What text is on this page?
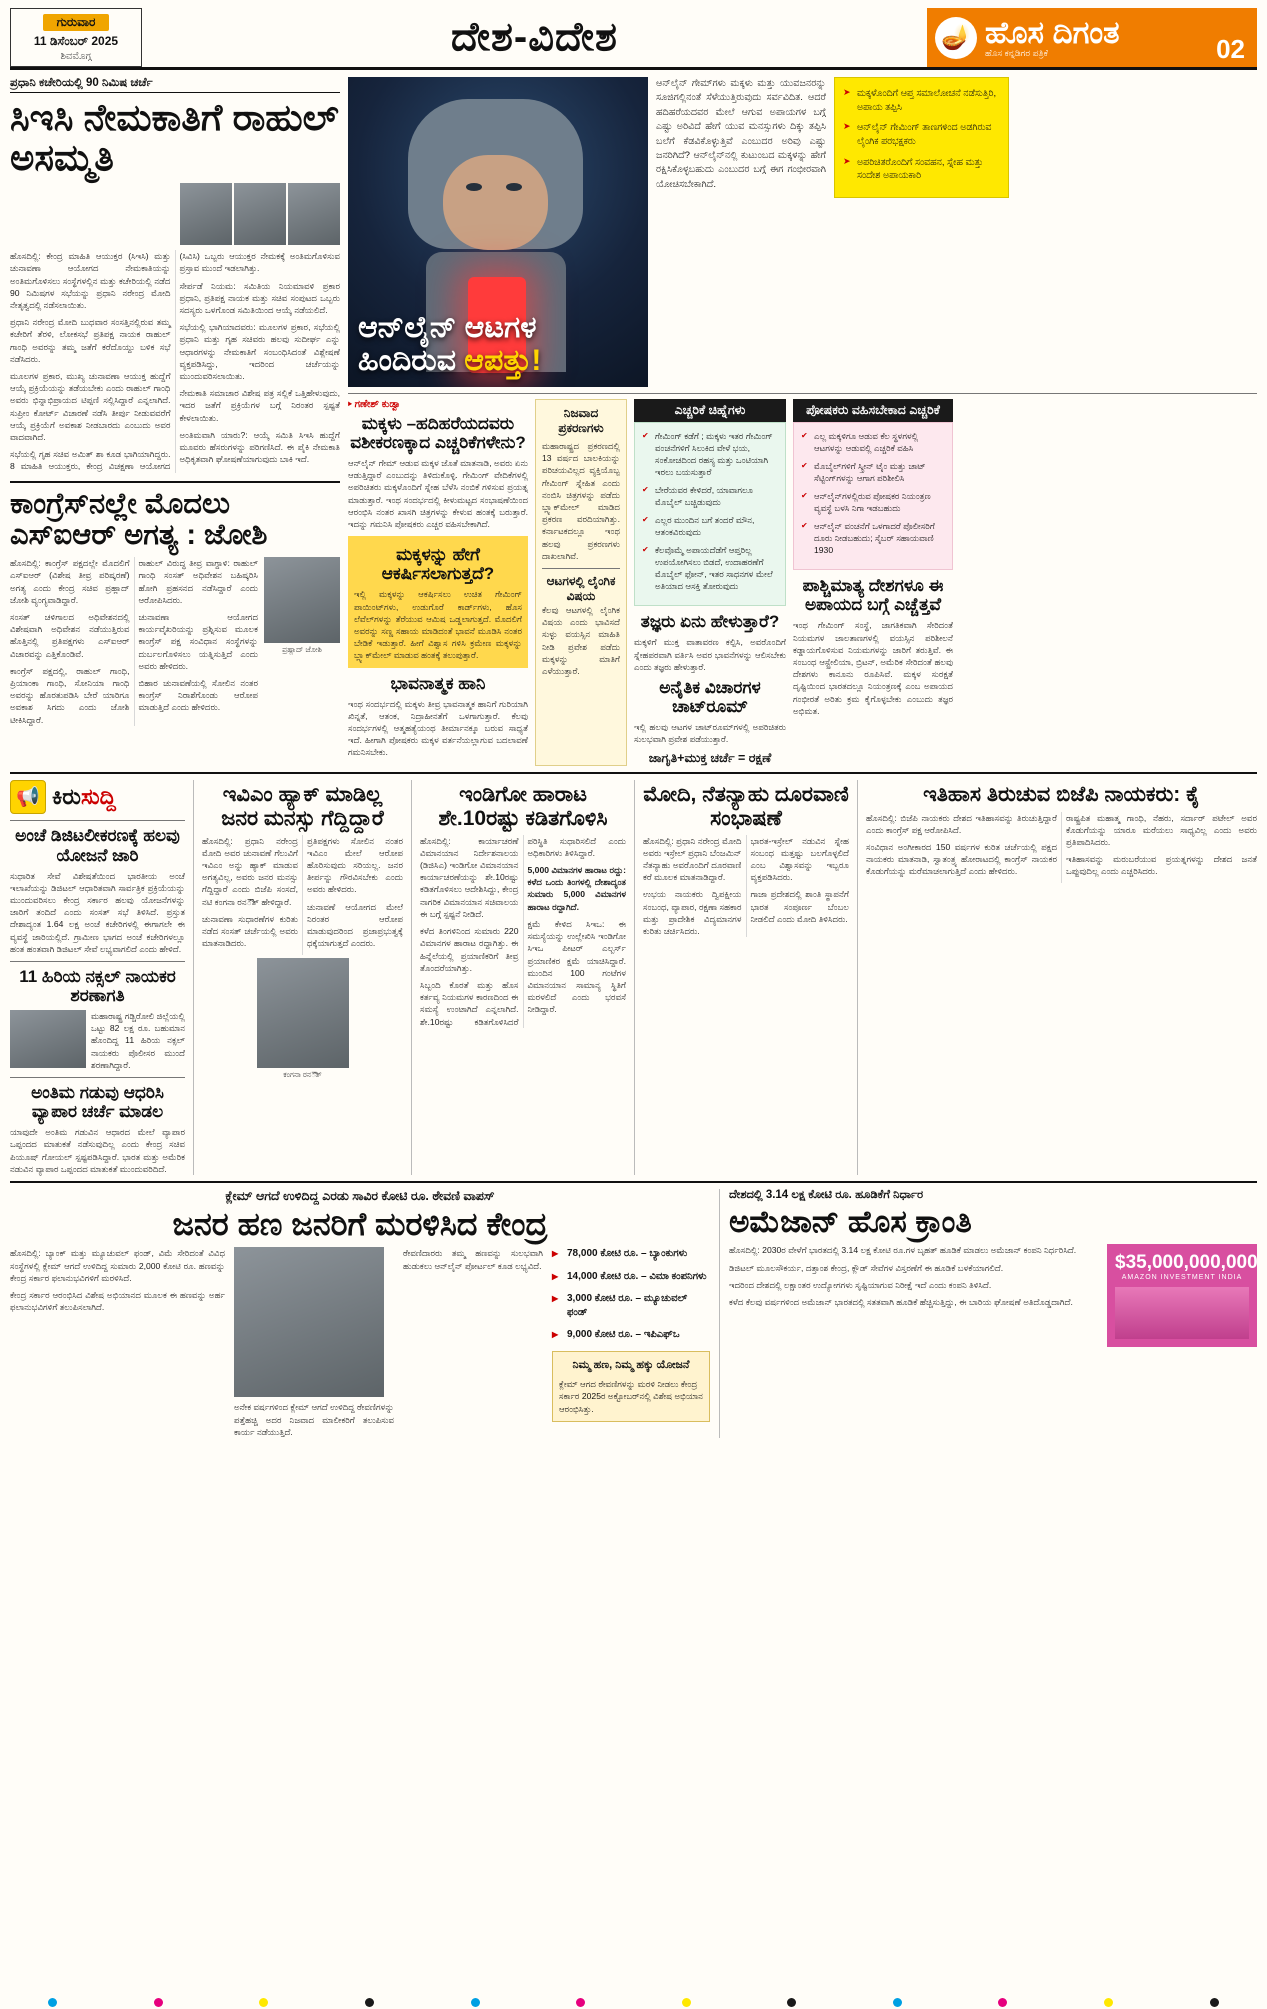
ಗುರುವಾರ
11 ಡಿಸೆಂಬರ್ 2025
ಶಿವಮೊಗ್ಗ	ದೇಶ-ವಿದೇಶ	🪔 ಹೊಸ ದಿಗಂತ
ಹೊಸ ಕನ್ನಡಿಗರ ಪತ್ರಿಕೆ	02
ಪ್ರಧಾನಿ ಕಚೇರಿಯಲ್ಲಿ 90 ನಿಮಿಷ ಚರ್ಚೆ
ಸಿಇಸಿ ನೇಮಕಾತಿಗೆ ರಾಹುಲ್ ಅಸಮ್ಮತಿ

ಹೊಸದಿಲ್ಲಿ: ಕೇಂದ್ರ ಮಾಹಿತಿ ಆಯುಕ್ತರ (ಸಿಇಸಿ) ಮತ್ತು ಚುನಾವಣಾ ಆಯೋಗದ ನೇಮಕಾತಿಯನ್ನು ಅಂತಿಮಗೊಳಿಸಲು ಸಂಸ್ಥೆಗಳಲ್ಲಿನ ಮತ್ತು ಕಚೇರಿಯಲ್ಲಿ ನಡೆದ 90 ನಿಮಿಷಗಳ ಸಭೆಯನ್ನು ಪ್ರಧಾನಿ ನರೇಂದ್ರ ಮೋದಿ ನೇತೃತ್ವದಲ್ಲಿ ನಡೆಸಲಾಯಿತು.

ಪ್ರಧಾನಿ ನರೇಂದ್ರ ಮೋದಿ ಬುಧವಾರ ಸಂಸತ್ತಿನಲ್ಲಿರುವ ತಮ್ಮ ಕಚೇರಿಗೆ ತೆರಳಿ, ಲೋಕಸಭೆ ಪ್ರತಿಪಕ್ಷ ನಾಯಕ ರಾಹುಲ್ ಗಾಂಧಿ ಅವರನ್ನು ತಮ್ಮ ಜತೆಗೆ ಕರೆದೊಯ್ದು ಬಳಿಕ ಸಭೆ ನಡೆಸಿದರು.

ಮೂಲಗಳ ಪ್ರಕಾರ, ಮುಖ್ಯ ಚುನಾವಣಾ ಆಯುಕ್ತ ಹುದ್ದೆಗೆ ಆಯ್ಕೆ ಪ್ರಕ್ರಿಯೆಯನ್ನು ತಡೆಯಬೇಕು ಎಂದು ರಾಹುಲ್ ಗಾಂಧಿ ಅವರು ಭಿನ್ನಾಭಿಪ್ರಾಯದ ಟಿಪ್ಪಣಿ ಸಲ್ಲಿಸಿದ್ದಾರೆ ಎನ್ನಲಾಗಿದೆ. ಸುಪ್ರೀಂ ಕೋರ್ಟ್ ವಿಚಾರಣೆ ನಡೆಸಿ ತೀರ್ಪು ನೀಡುವವರೆಗೆ ಆಯ್ಕೆ ಪ್ರಕ್ರಿಯೆಗೆ ಅವಕಾಶ ನೀಡಬಾರದು ಎಂಬುದು ಅವರ ವಾದವಾಗಿದೆ.

ಸಭೆಯಲ್ಲಿ ಗೃಹ ಸಚಿವ ಅಮಿತ್ ಶಾ ಕೂಡ ಭಾಗಿಯಾಗಿದ್ದರು. 8 ಮಾಹಿತಿ ಆಯುಕ್ತರು, ಕೇಂದ್ರ ವಿಚಕ್ಷಣಾ ಆಯೋಗದ (ಸಿವಿಸಿ) ಒಬ್ಬರು ಆಯುಕ್ತರ ನೇಮಕಕ್ಕೆ ಅಂತಿಮಗೊಳಿಸುವ ಪ್ರಸ್ತಾವ ಮುಂದೆ ಇಡಲಾಗಿತ್ತು.

ಸೇರ್ಪಡೆ ನಿಯಮ: ಸಮಿತಿಯ ನಿಯಮಾವಳಿ ಪ್ರಕಾರ ಪ್ರಧಾನಿ, ಪ್ರತಿಪಕ್ಷ ನಾಯಕ ಮತ್ತು ಸಚಿವ ಸಂಪುಟದ ಒಬ್ಬರು ಸದಸ್ಯರು ಒಳಗೊಂಡ ಸಮಿತಿಯಿಂದ ಆಯ್ಕೆ ನಡೆಯಲಿದೆ.

ಸಭೆಯಲ್ಲಿ ಭಾಗಿಯಾದವರು: ಮೂಲಗಳ ಪ್ರಕಾರ, ಸಭೆಯಲ್ಲಿ ಪ್ರಧಾನಿ ಮತ್ತು ಗೃಹ ಸಚಿವರು ಹಲವು ಸುದೀರ್ಘ ಎನ್ನು ಆಧಾರಗಳನ್ನು ನೇಮಕಾತಿಗೆ ಸಂಬಂಧಿಸಿದಂತೆ ವಿಶ್ಲೇಷಣೆ ವ್ಯಕ್ತಪಡಿಸಿದ್ದು, ಇದರಿಂದ ಚರ್ಚೆಯನ್ನು ಮುಂದುವರಿಸಲಾಯಿತು.

ನೇಮಕಾತಿ ಸಮಾಚಾರ ವಿಶೇಷ ಪತ್ರ ಸಲ್ಲಿಕೆ ಒತ್ತಿಹೇಳುವುದು, ಇದರ ಜತೆಗೆ ಪ್ರಕ್ರಿಯೆಗಳ ಬಗ್ಗೆ ನಿರಂತರ ಸ್ಪಷ್ಟತೆ ಕೇಳಲಾಯಿತು.

ಅಂತಿಮವಾಗಿ ಯಾರು?: ಆಯ್ಕೆ ಸಮಿತಿ ಸಿಇಸಿ ಹುದ್ದೆಗೆ ಮೂವರು ಹೆಸರುಗಳನ್ನು ಪರಿಗಣಿಸಿದೆ. ಈ ಪೈಕಿ ನೇಮಕಾತಿ ಅಧಿಕೃತವಾಗಿ ಘೋಷಣೆಯಾಗುವುದು ಬಾಕಿ ಇದೆ.

ಕಾಂಗ್ರೆಸ್‌ನಲ್ಲೇ ಮೊದಲು ಎಸ್‌ಐಆರ್ ಅಗತ್ಯ : ಜೋಶಿ
ಪ್ರಹ್ಲಾದ್ ಜೋಶಿ

ಹೊಸದಿಲ್ಲಿ: ಕಾಂಗ್ರೆಸ್ ಪಕ್ಷದಲ್ಲೇ ಮೊದಲಿಗೆ ಎಸ್‌ಐಆರ್ (ವಿಶೇಷ ತೀವ್ರ ಪರಿಷ್ಕರಣೆ) ಅಗತ್ಯ ಎಂದು ಕೇಂದ್ರ ಸಚಿವ ಪ್ರಹ್ಲಾದ್ ಜೋಶಿ ವ್ಯಂಗ್ಯವಾಡಿದ್ದಾರೆ.

ಸಂಸತ್ ಚಳಿಗಾಲದ ಅಧಿವೇಶನದಲ್ಲಿ ವಿಶೇಷವಾಗಿ ಅಧಿವೇಶನ ನಡೆಯುತ್ತಿರುವ ಹೊತ್ತಿನಲ್ಲಿ ಪ್ರತಿಪಕ್ಷಗಳು ಎಸ್‌ಐಆರ್ ವಿಚಾರವನ್ನು ಎತ್ತಿಕೊಂಡಿವೆ.

ಕಾಂಗ್ರೆಸ್ ಪಕ್ಷದಲ್ಲಿ, ರಾಹುಲ್ ಗಾಂಧಿ, ಪ್ರಿಯಾಂಕಾ ಗಾಂಧಿ, ಸೋನಿಯಾ ಗಾಂಧಿ ಅವರನ್ನು ಹೊರತುಪಡಿಸಿ ಬೇರೆ ಯಾರಿಗೂ ಅವಕಾಶ ಸಿಗದು ಎಂದು ಜೋಶಿ ಟೀಕಿಸಿದ್ದಾರೆ.

ರಾಹುಲ್ ವಿರುದ್ಧ ತೀವ್ರ ವಾಗ್ದಾಳಿ: ರಾಹುಲ್ ಗಾಂಧಿ ಸಂಸತ್ ಅಧಿವೇಶನ ಬಹಿಷ್ಕರಿಸಿ ಹೋಗಿ ಪ್ರಹಸನದ ನಡೆಸಿದ್ದಾರೆ ಎಂದು ಆರೋಪಿಸಿದರು.

ಚುನಾವಣಾ ಆಯೋಗದ ಕಾರ್ಯವೈಖರಿಯನ್ನು ಪ್ರಶ್ನಿಸುವ ಮೂಲಕ ಕಾಂಗ್ರೆಸ್ ಪಕ್ಷ ಸಂವಿಧಾನ ಸಂಸ್ಥೆಗಳನ್ನು ದುರ್ಬಲಗೊಳಿಸಲು ಯತ್ನಿಸುತ್ತಿದೆ ಎಂದು ಅವರು ಹೇಳಿದರು.

ಬಿಹಾರ ಚುನಾವಣೆಯಲ್ಲಿ ಸೋಲಿನ ನಂತರ ಕಾಂಗ್ರೆಸ್ ನಿರಾಶೆಗೊಂಡು ಆರೋಪ ಮಾಡುತ್ತಿದೆ ಎಂದು ಹೇಳಿದರು.

ಆನ್‌ಲೈನ್ ಆಟಗಳ
ಹಿಂದಿರುವ ಆಪತ್ತು!
ಆನ್‌ಲೈನ್ ಗೇಮ್‌ಗಳು ಮಕ್ಕಳು ಮತ್ತು ಯುವಜನರನ್ನು ಸೂಜಿಗಲ್ಲಿನಂತೆ ಸೆಳೆಯುತ್ತಿರುವುದು ಸರ್ವವಿದಿತ. ಆದರೆ ಹದಿಹರೆಯದವರ ಮೇಲೆ ಆಗುವ ಅಪಾಯಗಳ ಬಗ್ಗೆ ಎಷ್ಟು ಅರಿವಿದೆ ಹೇಗೆ ಯುವ ಮನಸ್ಸುಗಳು ದಿಕ್ಕು ತಪ್ಪಿಸಿ ಬಲೆಗೆ ಕೆಡವಿಕೊಳ್ಳುತ್ತಿವೆ ಎಂಬುದರ ಅರಿವು ಎಷ್ಟು ಜನರಿಗಿದೆ? ಆನ್‌ಲೈನ್‌ನಲ್ಲಿ ಕುಟುಂಬದ ಮಕ್ಕಳನ್ನು ಹೇಗೆ ರಕ್ಷಿಸಿಕೊಳ್ಳಬಹುದು ಎಂಬುದರ ಬಗ್ಗೆ ಈಗ ಗಂಭೀರವಾಗಿ ಯೋಚಿಸಬೇಕಾಗಿದೆ.
➤ ಮಕ್ಕಳೊಂದಿಗೆ ಆಪ್ತ ಸಮಾಲೋಚನೆ ನಡೆಸುತ್ತಿರಿ, ಅಪಾಯ ತಪ್ಪಿಸಿ
➤ ಆನ್‌ಲೈನ್ ಗೇಮಿಂಗ್ ತಾಣಗಳಿಂದ ಅಡಗಿರುವ ಲೈಂಗಿಕ ಪರಭಕ್ಷಕರು
➤ ಅಪರಿಚಿತರೊಂದಿಗೆ ಸಂವಹನ, ಸ್ನೇಹ ಮತ್ತು ಸಂದೇಶ ಅಪಾಯಕಾರಿ
▸ ಗಣೇಶ್ ಕುಡ್ವಾ
ಮಕ್ಕಳು –ಹದಿಹರೆಯದವರು ವಶೀಕರಣಕ್ಕಾದ ಎಚ್ಚರಿಕೆಗಳೇನು?
ಆನ್‌ಲೈನ್ ಗೇಮ್ ಆಡುವ ಮಕ್ಕಳ ಜೊತೆ ಮಾತನಾಡಿ, ಅವರು ಏನು ಆಡುತ್ತಿದ್ದಾರೆ ಎಂಬುದನ್ನು ತಿಳಿದುಕೊಳ್ಳಿ. ಗೇಮಿಂಗ್ ವೇದಿಕೆಗಳಲ್ಲಿ ಅಪರಿಚಿತರು ಮಕ್ಕಳೊಂದಿಗೆ ಸ್ನೇಹ ಬೆಳೆಸಿ ನಂಬಿಕೆ ಗಳಿಸುವ ಪ್ರಯತ್ನ ಮಾಡುತ್ತಾರೆ. ಇಂಥ ಸಂದರ್ಭದಲ್ಲಿ ಕೀಳುಮಟ್ಟದ ಸಂಭಾಷಣೆಯಿಂದ ಆರಂಭಿಸಿ ನಂತರ ಖಾಸಗಿ ಚಿತ್ರಗಳನ್ನು ಕೇಳುವ ಹಂತಕ್ಕೆ ಬರುತ್ತಾರೆ. ಇದನ್ನು ಗಮನಿಸಿ ಪೋಷಕರು ಎಚ್ಚರ ವಹಿಸಬೇಕಾಗಿದೆ.
ಮಕ್ಕಳನ್ನು ಹೇಗೆ ಆಕರ್ಷಿಸಲಾಗುತ್ತದೆ?
ಇಲ್ಲಿ ಮಕ್ಕಳನ್ನು ಆಕರ್ಷಿಸಲು ಉಚಿತ ಗೇಮಿಂಗ್ ಪಾಯಿಂಟ್‌ಗಳು, ಉಡುಗೊರೆ ಕಾರ್ಡ್‌ಗಳು, ಹೊಸ ಲೆವೆಲ್‌ಗಳನ್ನು ತೆರೆಯುವ ಆಮಿಷ ಒಡ್ಡಲಾಗುತ್ತದೆ. ಮೊದಲಿಗೆ ಅವರನ್ನು ಸಣ್ಣ ಸಹಾಯ ಮಾಡಿದಂತೆ ಭಾವನೆ ಮೂಡಿಸಿ ನಂತರ ಬೇಡಿಕೆ ಇಡುತ್ತಾರೆ. ಹೀಗೆ ವಿಶ್ವಾಸ ಗಳಿಸಿ ಕ್ರಮೇಣ ಮಕ್ಕಳನ್ನು ಬ್ಲ್ಯಾಕ್‌ಮೇಲ್ ಮಾಡುವ ಹಂತಕ್ಕೆ ತಲುಪುತ್ತಾರೆ.
ಭಾವನಾತ್ಮಕ ಹಾನಿ
ಇಂಥ ಸಂದರ್ಭದಲ್ಲಿ ಮಕ್ಕಳು ತೀವ್ರ ಭಾವನಾತ್ಮಕ ಹಾನಿಗೆ ಗುರಿಯಾಗಿ ಖಿನ್ನತೆ, ಆತಂಕ, ನಿದ್ರಾಹೀನತೆಗೆ ಒಳಗಾಗುತ್ತಾರೆ. ಕೆಲವು ಸಂದರ್ಭಗಳಲ್ಲಿ ಆತ್ಮಹತ್ಯೆಯಂಥ ತೀರ್ಮಾನಕ್ಕೂ ಬರುವ ಸಾಧ್ಯತೆ ಇದೆ. ಹೀಗಾಗಿ ಪೋಷಕರು ಮಕ್ಕಳ ವರ್ತನೆಯಲ್ಲಾಗುವ ಬದಲಾವಣೆ ಗಮನಿಸಬೇಕು.
ನಿಜವಾದ ಪ್ರಕರಣಗಳು
ಮಹಾರಾಷ್ಟ್ರದ ಪ್ರಕರಣದಲ್ಲಿ 13 ವರ್ಷದ ಬಾಲಕಿಯನ್ನು ಪರಿಚಯವಿಲ್ಲದ ವ್ಯಕ್ತಿಯೊಬ್ಬ ಗೇಮಿಂಗ್ ಸ್ನೇಹಿತ ಎಂದು ನಂಬಿಸಿ ಚಿತ್ರಗಳನ್ನು ಪಡೆದು ಬ್ಲ್ಯಾಕ್‌ಮೇಲ್ ಮಾಡಿದ ಪ್ರಕರಣ ವರದಿಯಾಗಿತ್ತು. ಕರ್ನಾಟಕದಲ್ಲೂ ಇಂಥ ಹಲವು ಪ್ರಕರಣಗಳು ದಾಖಲಾಗಿವೆ.
ಆಟಗಳಲ್ಲಿ ಲೈಂಗಿಕ ವಿಷಯ
ಕೆಲವು ಆಟಗಳಲ್ಲಿ ಲೈಂಗಿಕ ವಿಷಯ ಎಂದು ಭಾವಿಸದೆ ಸುಳ್ಳು ವಯಸ್ಸಿನ ಮಾಹಿತಿ ನೀಡಿ ಪ್ರವೇಶ ಪಡೆದು ಮಕ್ಕಳನ್ನು ಮಾತಿಗೆ ಎಳೆಯುತ್ತಾರೆ.
ಎಚ್ಚರಿಕೆ ಚಿಹ್ನೆಗಳು
✔ ಗೇಮಿಂಗ್ ಕಡೆಗೆ ; ಮಕ್ಕಳು ಇತರ ಗೇಮಿಂಗ್ ವಂಚನೆಗಳಿಗೆ ಸಿಲುಕಿದ ವೇಳೆ ಭಯ, ಸಂಕೋಚದಿಂದ ರಹಸ್ಯ ಮತ್ತು ಒಂಟಿಯಾಗಿ ಇರಲು ಬಯಸುತ್ತಾರೆ
✔ ಬೇರೆಯವರ ಕೇಳಿದರೆ, ಯಾವಾಗಲೂ ಮೊಬೈಲ್ ಬಚ್ಚಿಡುವುದು
✔ ಎಲ್ಲರ ಮುಂದಿನ ಬಗೆ ತಂದರೆ ಮೌನ, ಆತಂಕವಿರುವುದು
✔ ಕೆಲವೊಮ್ಮೆ ಅಪಾಯದೆಡೆಗೆ ಆಪ್ತರಿಲ್ಲ ಉಪಯೋಗಿಸಲು ಬಿಡದೆ, ಉದಾಹರಣೆಗೆ ಮೊಬೈಲ್ ಫೋನ್, ಇತರ ಸಾಧನಗಳ ಮೇಲೆ ಅತಿಯಾದ ಆಸಕ್ತಿ ತೋರುವುದು
ತಜ್ಞರು ಏನು ಹೇಳುತ್ತಾರೆ?
ಮಕ್ಕಳಿಗೆ ಮುಕ್ತ ವಾತಾವರಣ ಕಲ್ಪಿಸಿ, ಅವರೊಂದಿಗೆ ಸ್ನೇಹಪರವಾಗಿ ವರ್ತಿಸಿ ಅವರ ಭಾವನೆಗಳನ್ನು ಆಲಿಸಬೇಕು ಎಂದು ತಜ್ಞರು ಹೇಳುತ್ತಾರೆ.
ಅನೈತಿಕ ವಿಚಾರಗಳ ಚಾಟ್‌ರೂಮ್
ಇಲ್ಲಿ ಹಲವು ಆಟಗಳ ಚಾಟ್‌ರೂಮ್‌ಗಳಲ್ಲಿ ಅಪರಿಚಿತರು ಸುಲಭವಾಗಿ ಪ್ರವೇಶ ಪಡೆಯುತ್ತಾರೆ.
ಜಾಗೃತಿ+ಮುಕ್ತ ಚರ್ಚೆ = ರಕ್ಷಣೆ
ಪೋಷಕರು ವಹಿಸಬೇಕಾದ ಎಚ್ಚರಿಕೆ
✔ ಎಲ್ಲ ಮಕ್ಕಳಿಗೂ ಆಡುವ ಕೆಲ ಸ್ಥಳಗಳಲ್ಲಿ ಆಟಗಳನ್ನು ಆಡುವಲ್ಲಿ ಎಚ್ಚರಿಕೆ ವಹಿಸಿ
✔ ಮೊಬೈಲ್‌ಗಳಿಗೆ ಸ್ಕ್ರೀನ್ ಟೈಂ ಮತ್ತು ಚಾಟ್ ಸೆಟ್ಟಿಂಗ್‌ಗಳನ್ನು ಆಗಾಗ ಪರಿಶೀಲಿಸಿ
✔ ಆನ್‌ಲೈನ್‌ಗಳಲ್ಲಿರುವ ಪೋಷಕರ ನಿಯಂತ್ರಣ ವ್ಯವಸ್ಥೆ ಬಳಸಿ ನಿಗಾ ಇಡಬಹುದು
✔ ಆನ್‌ಲೈನ್ ವಂಚನೆಗೆ ಒಳಗಾದರೆ ಪೊಲೀಸರಿಗೆ ದೂರು ನೀಡಬಹುದು; ಸೈಬರ್ ಸಹಾಯವಾಣಿ 1930
ಪಾಶ್ಚಿಮಾತ್ಯ ದೇಶಗಳೂ ಈ ಅಪಾಯದ ಬಗ್ಗೆ ಎಚ್ಚೆತ್ತವೆ
ಇಂಥ ಗೇಮಿಂಗ್ ಸಂಸ್ಥೆ, ಜಾಗತಿಕವಾಗಿ ಸೇರಿದಂತೆ ನಿಯಮಗಳ ಜಾಲತಾಣಗಳಲ್ಲಿ ವಯಸ್ಸಿನ ಪರಿಶೀಲನೆ ಕಡ್ಡಾಯಗೊಳಿಸುವ ನಿಯಮಗಳನ್ನು ಜಾರಿಗೆ ತರುತ್ತಿವೆ. ಈ ಸಂಬಂಧ ಆಸ್ಟ್ರೇಲಿಯಾ, ಬ್ರಿಟನ್, ಅಮೆರಿಕ ಸೇರಿದಂತೆ ಹಲವು ದೇಶಗಳು ಕಾನೂನು ರೂಪಿಸಿವೆ. ಮಕ್ಕಳ ಸುರಕ್ಷತೆ ದೃಷ್ಟಿಯಿಂದ ಭಾರತದಲ್ಲೂ ನಿಯಂತ್ರಣಕ್ಕೆ ಎಂಬ ಅಪಾಯದ ಗಂಭೀರತೆ ಅರಿತು ಕ್ರಮ ಕೈಗೊಳ್ಳಬೇಕು ಎಂಬುದು ತಜ್ಞರ ಅಭಿಮತ.
📢 ಕಿರುಸುದ್ದಿ
ಅಂಚೆ ಡಿಜಿಟಲೀಕರಣಕ್ಕೆ ಹಲವು ಯೋಜನೆ ಜಾರಿ
ಸುಧಾರಿತ ಸೇವೆ ವಿಶೇಷತೆಯಿಂದ ಭಾರತೀಯ ಅಂಚೆ ಇಲಾಖೆಯನ್ನು ಡಿಜಿಟಲ್ ಆಧಾರಿತವಾಗಿ ಸಾರ್ವತ್ರಿಕ ಪ್ರಕ್ರಿಯೆಯನ್ನು ಮುಂದುವರಿಸಲು ಕೇಂದ್ರ ಸರ್ಕಾರ ಹಲವು ಯೋಜನೆಗಳನ್ನು ಜಾರಿಗೆ ತಂದಿದೆ ಎಂದು ಸಂಸತ್ ಸಭೆ ತಿಳಿಸಿದೆ. ಪ್ರಸ್ತುತ ದೇಶಾದ್ಯಂತ 1.64 ಲಕ್ಷ ಅಂಚೆ ಕಚೇರಿಗಳಲ್ಲಿ ಈಗಾಗಲೇ ಈ ವ್ಯವಸ್ಥೆ ಜಾರಿಯಲ್ಲಿದೆ. ಗ್ರಾಮೀಣ ಭಾಗದ ಅಂಚೆ ಕಚೇರಿಗಳಲ್ಲೂ ಹಂತ ಹಂತವಾಗಿ ಡಿಜಿಟಲ್ ಸೇವೆ ಲಭ್ಯವಾಗಲಿದೆ ಎಂದು ಹೇಳಿದೆ.
11 ಹಿರಿಯ ನಕ್ಸಲ್ ನಾಯಕರ ಶರಣಾಗತಿ
ಮಹಾರಾಷ್ಟ್ರ ಗಡ್ಚಿರೋಲಿ ಜಿಲ್ಲೆಯಲ್ಲಿ ಒಟ್ಟು 82 ಲಕ್ಷ ರೂ. ಬಹುಮಾನ ಹೊಂದಿದ್ದ 11 ಹಿರಿಯ ನಕ್ಸಲ್ ನಾಯಕರು ಪೊಲೀಸರ ಮುಂದೆ ಶರಣಾಗಿದ್ದಾರೆ.
ಅಂತಿಮ ಗಡುವು ಆಧರಿಸಿ ವ್ಯಾಪಾರ ಚರ್ಚೆ ಮಾಡಲ
ಯಾವುದೇ ಅಂತಿಮ ಗಡುವಿನ ಆಧಾರದ ಮೇಲೆ ವ್ಯಾಪಾರ ಒಪ್ಪಂದದ ಮಾತುಕತೆ ನಡೆಸುವುದಿಲ್ಲ ಎಂದು ಕೇಂದ್ರ ಸಚಿವ ಪಿಯೂಷ್ ಗೋಯಲ್ ಸ್ಪಷ್ಟಪಡಿಸಿದ್ದಾರೆ. ಭಾರತ ಮತ್ತು ಅಮೆರಿಕ ನಡುವಿನ ವ್ಯಾಪಾರ ಒಪ್ಪಂದದ ಮಾತುಕತೆ ಮುಂದುವರಿದಿದೆ.
ಇವಿಎಂ ಹ್ಯಾಕ್ ಮಾಡಿಲ್ಲ ಜನರ ಮನಸ್ಸು ಗೆದ್ದಿದ್ದಾರೆ

ಹೊಸದಿಲ್ಲಿ: ಪ್ರಧಾನಿ ನರೇಂದ್ರ ಮೋದಿ ಅವರ ಚುನಾವಣೆ ಗೆಲುವಿಗೆ ಇವಿಎಂ ಅನ್ನು ಹ್ಯಾಕ್ ಮಾಡುವ ಅಗತ್ಯವಿಲ್ಲ, ಅವರು ಜನರ ಮನಸ್ಸು ಗೆದ್ದಿದ್ದಾರೆ ಎಂದು ಬಿಜೆಪಿ ಸಂಸದೆ, ನಟಿ ಕಂಗನಾ ರನౌತ್ ಹೇಳಿದ್ದಾರೆ.

ಚುನಾವಣಾ ಸುಧಾರಣೆಗಳ ಕುರಿತು ನಡೆದ ಸಂಸತ್ ಚರ್ಚೆಯಲ್ಲಿ ಅವರು ಮಾತನಾಡಿದರು.

ಪ್ರತಿಪಕ್ಷಗಳು ಸೋಲಿನ ನಂತರ ಇವಿಎಂ ಮೇಲೆ ಆರೋಪ ಹೊರಿಸುವುದು ಸರಿಯಲ್ಲ. ಜನರ ತೀರ್ಪನ್ನು ಗೌರವಿಸಬೇಕು ಎಂದು ಅವರು ಹೇಳಿದರು.

ಚುನಾವಣೆ ಆಯೋಗದ ಮೇಲೆ ನಿರಂತರ ಆರೋಪ ಮಾಡುವುದರಿಂದ ಪ್ರಜಾಪ್ರಭುತ್ವಕ್ಕೆ ಧಕ್ಕೆಯಾಗುತ್ತದೆ ಎಂದರು.

ಕಂಗನಾ ರನౌತ್
ಇಂಡಿಗೋ ಹಾರಾಟ ಶೇ.10ರಷ್ಟು ಕಡಿತಗೊಳಿಸಿ

ಹೊಸದಿಲ್ಲಿ: ಕಾರ್ಯಾಚರಣೆ ವಿಮಾನಯಾನ ನಿರ್ದೇಶನಾಲಯ (ಡಿಜಿಸಿಎ) ಇಂಡಿಗೋ ವಿಮಾನಯಾನ ಕಾರ್ಯಾಚರಣೆಯನ್ನು ಶೇ.10ರಷ್ಟು ಕಡಿತಗೊಳಿಸಲು ಆದೇಶಿಸಿದ್ದು, ಕೇಂದ್ರ ನಾಗರಿಕ ವಿಮಾನಯಾನ ಸಚಿವಾಲಯ ಈ ಬಗ್ಗೆ ಸ್ಪಷ್ಟನೆ ನೀಡಿದೆ.

ಕಳೆದ ತಿಂಗಳಿನಿಂದ ಸುಮಾರು 220 ವಿಮಾನಗಳ ಹಾರಾಟ ರದ್ದಾಗಿತ್ತು. ಈ ಹಿನ್ನೆಲೆಯಲ್ಲಿ ಪ್ರಯಾಣಿಕರಿಗೆ ತೀವ್ರ ತೊಂದರೆಯಾಗಿತ್ತು.

ಸಿಬ್ಬಂದಿ ಕೊರತೆ ಮತ್ತು ಹೊಸ ಕರ್ತವ್ಯ ನಿಯಮಗಳ ಕಾರಣದಿಂದ ಈ ಸಮಸ್ಯೆ ಉಂಟಾಗಿದೆ ಎನ್ನಲಾಗಿದೆ. ಶೇ.10ರಷ್ಟು ಕಡಿತಗೊಳಿಸಿದರೆ ಪರಿಸ್ಥಿತಿ ಸುಧಾರಿಸಲಿದೆ ಎಂದು ಅಧಿಕಾರಿಗಳು ತಿಳಿಸಿದ್ದಾರೆ.

5,000 ವಿಮಾನಗಳ ಹಾರಾಟ ರದ್ದು: ಕಳೆದ ಒಂದು ತಿಂಗಳಲ್ಲಿ ದೇಶಾದ್ಯಂತ ಸುಮಾರು 5,000 ವಿಮಾನಗಳ ಹಾರಾಟ ರದ್ದಾಗಿದೆ.

ಕ್ಷಮೆ ಕೇಳಿದ ಸಿಇಒ: ಈ ಸಮಸ್ಯೆಯನ್ನು ಉಲ್ಲೇಖಿಸಿ ಇಂಡಿಗೋ ಸಿಇಒ ಪೀಟರ್ ಎಲ್ಬರ್ಸ್ ಪ್ರಯಾಣಿಕರ ಕ್ಷಮೆ ಯಾಚಿಸಿದ್ದಾರೆ. ಮುಂದಿನ 100 ಗಂಟೆಗಳ ವಿಮಾನಯಾನ ಸಾಮಾನ್ಯ ಸ್ಥಿತಿಗೆ ಮರಳಲಿದೆ ಎಂದು ಭರವಸೆ ನೀಡಿದ್ದಾರೆ.

ಮೋದಿ, ನೆತನ್ಯಾಹು ದೂರವಾಣಿ ಸಂಭಾಷಣೆ

ಹೊಸದಿಲ್ಲಿ: ಪ್ರಧಾನಿ ನರೇಂದ್ರ ಮೋದಿ ಅವರು ಇಸ್ರೇಲ್ ಪ್ರಧಾನಿ ಬೆಂಜಮಿನ್ ನೆತನ್ಯಾಹು ಅವರೊಂದಿಗೆ ದೂರವಾಣಿ ಕರೆ ಮೂಲಕ ಮಾತನಾಡಿದ್ದಾರೆ.

ಉಭಯ ನಾಯಕರು ದ್ವಿಪಕ್ಷೀಯ ಸಂಬಂಧ, ವ್ಯಾಪಾರ, ರಕ್ಷಣಾ ಸಹಕಾರ ಮತ್ತು ಪ್ರಾದೇಶಿಕ ವಿದ್ಯಮಾನಗಳ ಕುರಿತು ಚರ್ಚಿಸಿದರು.

ಭಾರತ-ಇಸ್ರೇಲ್ ನಡುವಿನ ಸ್ನೇಹ ಸಂಬಂಧ ಮತ್ತಷ್ಟು ಬಲಗೊಳ್ಳಲಿದೆ ಎಂಬ ವಿಶ್ವಾಸವನ್ನು ಇಬ್ಬರೂ ವ್ಯಕ್ತಪಡಿಸಿದರು.

ಗಾಜಾ ಪ್ರದೇಶದಲ್ಲಿ ಶಾಂತಿ ಸ್ಥಾಪನೆಗೆ ಭಾರತ ಸಂಪೂರ್ಣ ಬೆಂಬಲ ನೀಡಲಿದೆ ಎಂದು ಮೋದಿ ತಿಳಿಸಿದರು.

ಇತಿಹಾಸ ತಿರುಚುವ ಬಿಜೆಪಿ ನಾಯಕರು: ಕೈ

ಹೊಸದಿಲ್ಲಿ: ಬಿಜೆಪಿ ನಾಯಕರು ದೇಶದ ಇತಿಹಾಸವನ್ನು ತಿರುಚುತ್ತಿದ್ದಾರೆ ಎಂದು ಕಾಂಗ್ರೆಸ್ ಪಕ್ಷ ಆರೋಪಿಸಿದೆ.

ಸಂವಿಧಾನ ಅಂಗೀಕಾರದ 150 ವರ್ಷಗಳ ಕುರಿತ ಚರ್ಚೆಯಲ್ಲಿ ಪಕ್ಷದ ನಾಯಕರು ಮಾತನಾಡಿ, ಸ್ವಾತಂತ್ರ್ಯ ಹೋರಾಟದಲ್ಲಿ ಕಾಂಗ್ರೆಸ್ ನಾಯಕರ ಕೊಡುಗೆಯನ್ನು ಮರೆಮಾಚಲಾಗುತ್ತಿದೆ ಎಂದು ಹೇಳಿದರು.

ರಾಷ್ಟ್ರಪಿತ ಮಹಾತ್ಮ ಗಾಂಧಿ, ನೆಹರು, ಸರ್ದಾರ್ ಪಟೇಲ್ ಅವರ ಕೊಡುಗೆಯನ್ನು ಯಾರೂ ಮರೆಯಲು ಸಾಧ್ಯವಿಲ್ಲ ಎಂದು ಅವರು ಪ್ರತಿಪಾದಿಸಿದರು.

ಇತಿಹಾಸವನ್ನು ಮರುಬರೆಯುವ ಪ್ರಯತ್ನಗಳನ್ನು ದೇಶದ ಜನತೆ ಒಪ್ಪುವುದಿಲ್ಲ ಎಂದು ಎಚ್ಚರಿಸಿದರು.

ಕ್ಲೇಮ್ ಆಗದೆ ಉಳಿದಿದ್ದ ಎರಡು ಸಾವಿರ ಕೋಟಿ ರೂ. ಠೇವಣಿ ವಾಪಸ್
ಜನರ ಹಣ ಜನರಿಗೆ ಮರಳಿಸಿದ ಕೇಂದ್ರ

ಹೊಸದಿಲ್ಲಿ: ಬ್ಯಾಂಕ್ ಮತ್ತು ಮ್ಯೂಚುವಲ್ ಫಂಡ್, ವಿಮೆ ಸೇರಿದಂತೆ ವಿವಿಧ ಸಂಸ್ಥೆಗಳಲ್ಲಿ ಕ್ಲೇಮ್ ಆಗದೆ ಉಳಿದಿದ್ದ ಸುಮಾರು 2,000 ಕೋಟಿ ರೂ. ಹಣವನ್ನು ಕೇಂದ್ರ ಸರ್ಕಾರ ಫಲಾನುಭವಿಗಳಿಗೆ ಮರಳಿಸಿದೆ.

ಕೇಂದ್ರ ಸರ್ಕಾರ ಆರಂಭಿಸಿದ ವಿಶೇಷ ಅಭಿಯಾನದ ಮೂಲಕ ಈ ಹಣವನ್ನು ಅರ್ಹ ಫಲಾನುಭವಿಗಳಿಗೆ ತಲುಪಿಸಲಾಗಿದೆ.

ಅನೇಕ ವರ್ಷಗಳಿಂದ ಕ್ಲೇಮ್ ಆಗದೆ ಉಳಿದಿದ್ದ ಠೇವಣಿಗಳನ್ನು ಪತ್ತೆಹಚ್ಚಿ ಅದರ ನಿಜವಾದ ಮಾಲೀಕರಿಗೆ ತಲುಪಿಸುವ ಕಾರ್ಯ ನಡೆಯುತ್ತಿದೆ.

ಠೇವಣಿದಾರರು ತಮ್ಮ ಹಣವನ್ನು ಸುಲಭವಾಗಿ ಹುಡುಕಲು ಆನ್‌ಲೈನ್ ಪೋರ್ಟಲ್ ಕೂಡ ಲಭ್ಯವಿದೆ.

▶ 78,000 ಕೋಟಿ ರೂ. – ಬ್ಯಾಂಕುಗಳು
▶ 14,000 ಕೋಟಿ ರೂ. – ವಿಮಾ ಕಂಪನಿಗಳು
▶ 3,000 ಕೋಟಿ ರೂ. – ಮ್ಯೂಚುವಲ್ ಫಂಡ್
▶ 9,000 ಕೋಟಿ ರೂ. – ಇಪಿಎಫ್‌ಒ
ನಿಮ್ಮ ಹಣ, ನಿಮ್ಮ ಹಕ್ಕು ಯೋಜನೆ
ಕ್ಲೇಮ್ ಆಗದ ಠೇವಣಿಗಳನ್ನು ಮರಳಿ ನೀಡಲು ಕೇಂದ್ರ ಸರ್ಕಾರ 2025ರ ಅಕ್ಟೋಬರ್‌ನಲ್ಲಿ ವಿಶೇಷ ಅಭಿಯಾನ ಆರಂಭಿಸಿತ್ತು.
ದೇಶದಲ್ಲಿ 3.14 ಲಕ್ಷ ಕೋಟಿ ರೂ. ಹೂಡಿಕೆಗೆ ನಿರ್ಧಾರ
ಅಮೆಜಾನ್ ಹೊಸ ಕ್ರಾಂತಿ

ಹೊಸದಿಲ್ಲಿ: 2030ರ ವೇಳೆಗೆ ಭಾರತದಲ್ಲಿ 3.14 ಲಕ್ಷ ಕೋಟಿ ರೂ.ಗಳ ಬೃಹತ್ ಹೂಡಿಕೆ ಮಾಡಲು ಅಮೆಜಾನ್ ಕಂಪನಿ ನಿರ್ಧರಿಸಿದೆ.

ಡಿಜಿಟಲ್ ಮೂಲಸೌಕರ್ಯ, ದತ್ತಾಂಶ ಕೇಂದ್ರ, ಕ್ಲೌಡ್ ಸೇವೆಗಳ ವಿಸ್ತರಣೆಗೆ ಈ ಹೂಡಿಕೆ ಬಳಕೆಯಾಗಲಿದೆ.

ಇದರಿಂದ ದೇಶದಲ್ಲಿ ಲಕ್ಷಾಂತರ ಉದ್ಯೋಗಗಳು ಸೃಷ್ಟಿಯಾಗುವ ನಿರೀಕ್ಷೆ ಇದೆ ಎಂದು ಕಂಪನಿ ತಿಳಿಸಿದೆ.

ಕಳೆದ ಕೆಲವು ವರ್ಷಗಳಿಂದ ಅಮೆಜಾನ್ ಭಾರತದಲ್ಲಿ ಸತತವಾಗಿ ಹೂಡಿಕೆ ಹೆಚ್ಚಿಸುತ್ತಿದ್ದು, ಈ ಬಾರಿಯ ಘೋಷಣೆ ಅತಿದೊಡ್ಡದಾಗಿದೆ.

$35,000,000,000
AMAZON INVESTMENT INDIA
